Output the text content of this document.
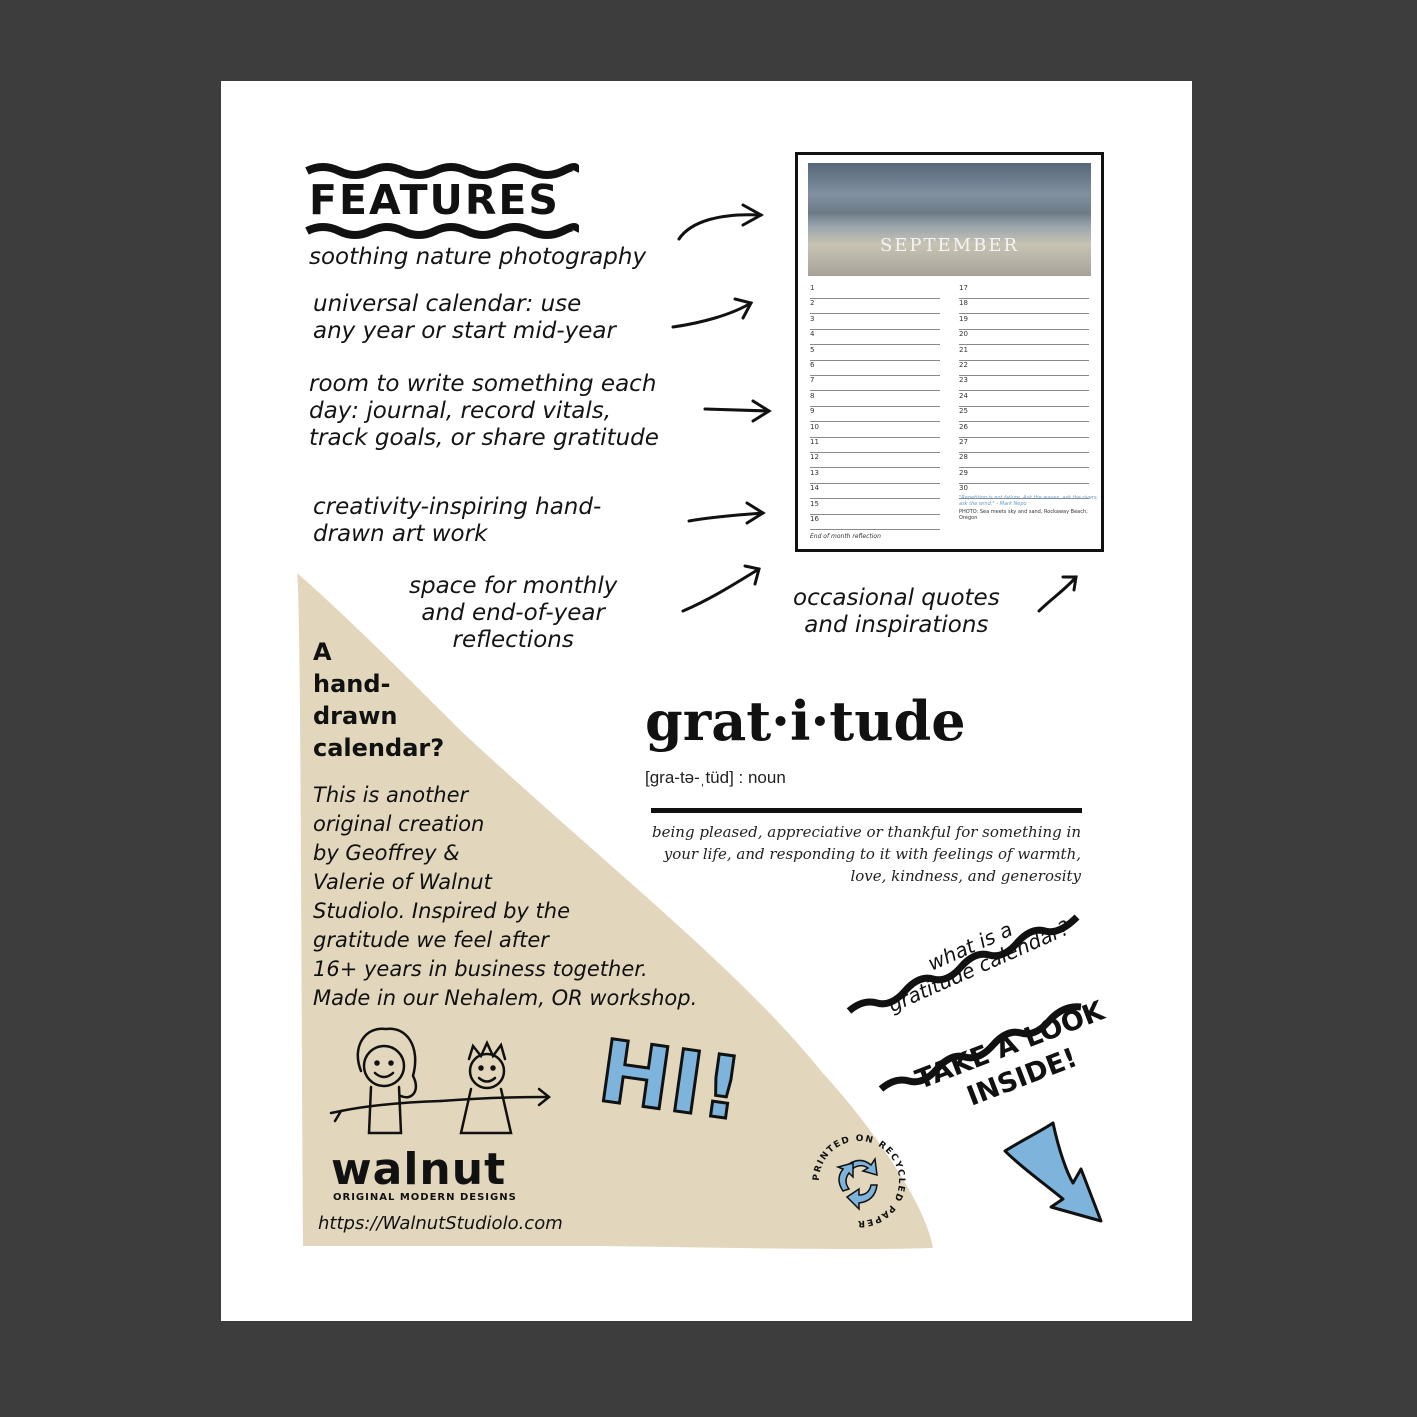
FEATURES

soothing nature photography

universal calendar: use
any year or start mid-year

room to write something each
day: journal, record vitals,
track goals, or share gratitude

creativity-inspiring hand-
drawn art work

space for monthly
and end-of-year
reflections

occasional quotes
and inspirations

SEPTEMBER
1
2
3
4
5
6
7
8
9
10
11
12
13
14
15
16
17
18
19
20
21
22
23
24
25
26
27
28
29
30
"Repetition is not failure. Ask the waves, ask the rivers, ask the wind." - Mark Nepo
PHOTO: Sea meets sky and sand, Rockaway Beach, Oregon
End of month reflection
grat·i·tude
[gra-tə-ˌtüd] : noun
being pleased, appreciative or thankful for something in your life, and responding to it with feelings of warmth, love, kindness, and generosity
A
hand-
drawn
calendar?
This is another
original creation
by Geoffrey &
Valerie of Walnut
Studiolo. Inspired by the
gratitude we feel after
16+ years in business together.
Made in our Nehalem, OR workshop.
HI!
walnut
ORIGINAL MODERN DESIGNS
https://WalnutStudiolo.com
PRINTED ON RECYCLED PAPER
what is a
gratitude calendar?
TAKE A LOOK
INSIDE!
